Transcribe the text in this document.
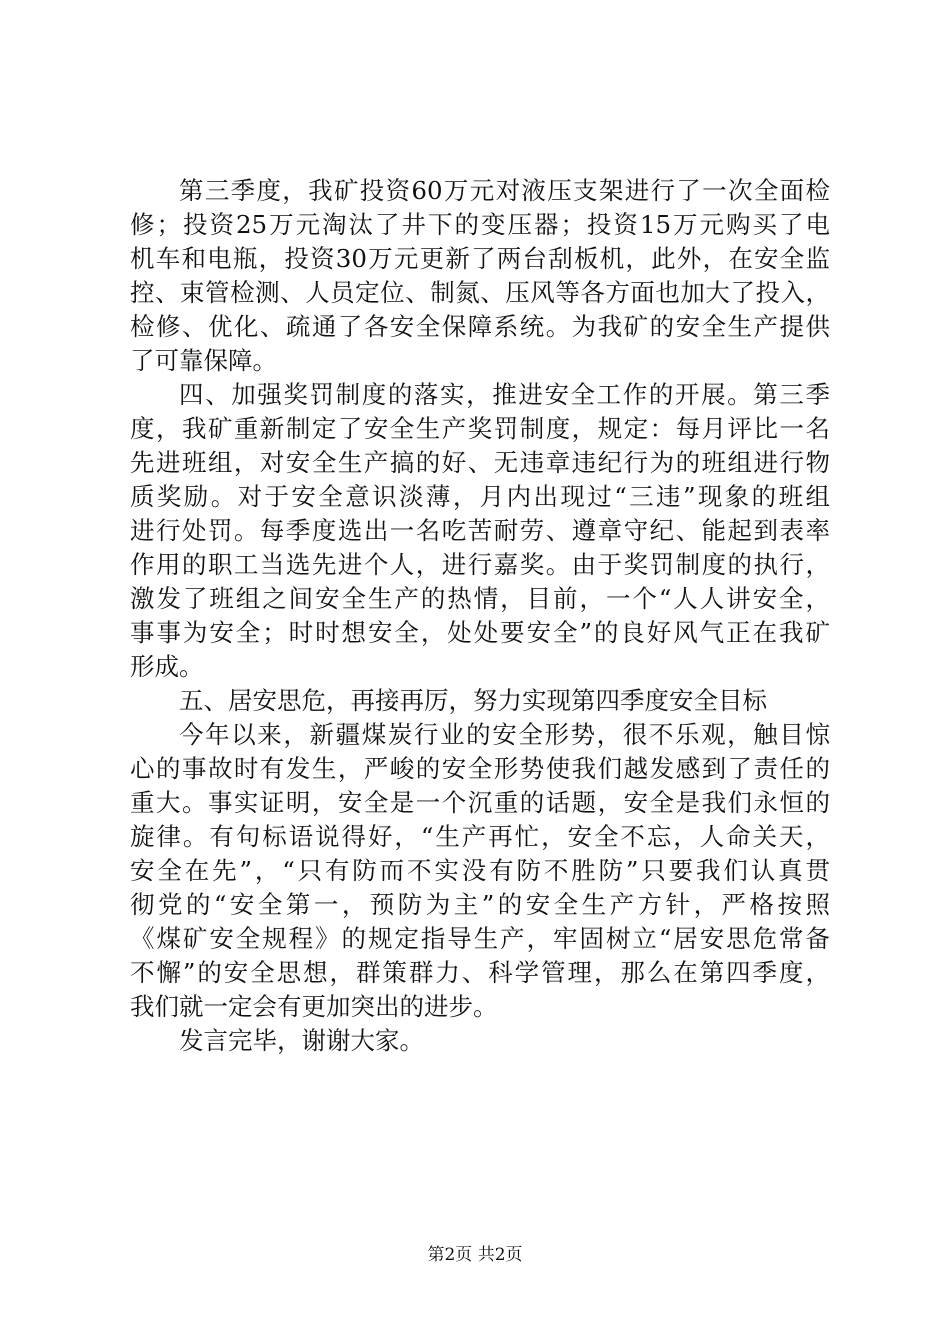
第三季度，我矿投资60万元对液压支架进行了一次全面检
修；投资25万元淘汰了井下的变压器；投资15万元购买了电
机车和电瓶，投资30万元更新了两台刮板机，此外，在安全监
控、束管检测、人员定位、制氮、压风等各方面也加大了投入，
检修、优化、疏通了各安全保障系统。为我矿的安全生产提供
了可靠保障。
四、加强奖罚制度的落实，推进安全工作的开展。第三季
度，我矿重新制定了安全生产奖罚制度，规定：每月评比一名
先进班组，对安全生产搞的好、无违章违纪行为的班组进行物
质奖励。对于安全意识淡薄，月内出现过“三违”现象的班组
进行处罚。每季度选出一名吃苦耐劳、遵章守纪、能起到表率
作用的职工当选先进个人，进行嘉奖。由于奖罚制度的执行，
激发了班组之间安全生产的热情，目前，一个“人人讲安全，
事事为安全；时时想安全，处处要安全”的良好风气正在我矿
形成。
五、居安思危，再接再厉，努力实现第四季度安全目标
今年以来，新疆煤炭行业的安全形势，很不乐观，触目惊
心的事故时有发生，严峻的安全形势使我们越发感到了责任的
重大。事实证明，安全是一个沉重的话题，安全是我们永恒的
旋律。有句标语说得好，“生产再忙，安全不忘，人命关天，
安全在先”，“只有防而不实没有防不胜防”只要我们认真贯
彻党的“安全第一，预防为主”的安全生产方针，严格按照
《煤矿安全规程》的规定指导生产，牢固树立“居安思危常备
不懈”的安全思想，群策群力、科学管理，那么在第四季度，
我们就一定会有更加突出的进步。
发言完毕，谢谢大家。
第2页 共2页
